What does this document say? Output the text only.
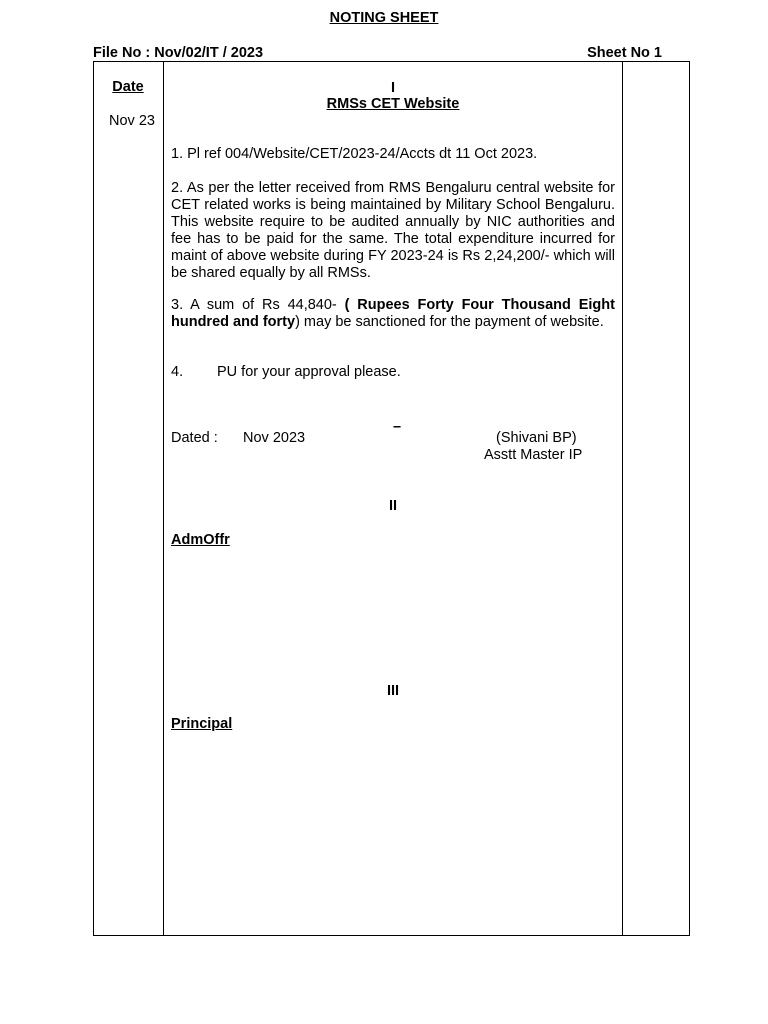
NOTING SHEET
File No : Nov/02/IT / 2023	Sheet No 1
Date
Nov 23
I
RMSs CET Website
1. Pl ref 004/Website/CET/2023-24/Accts dt 11 Oct 2023.
2. As per the letter received from RMS Bengaluru central website for CET related works is being maintained by Military School Bengaluru. This website require to be audited annually by NIC authorities and fee has to be paid for the same. The total expenditure incurred for maint of above website during FY 2023-24 is Rs 2,24,200/- which will be shared equally by all RMSs.
3. A sum of Rs 44,840- ( Rupees Forty Four Thousand Eight hundred and forty) may be sanctioned for the payment of website.
4. PU for your approval please.
–
Dated : Nov 2023	(Shivani BP)
Asstt Master IP
II
AdmOffr
III
Principal
